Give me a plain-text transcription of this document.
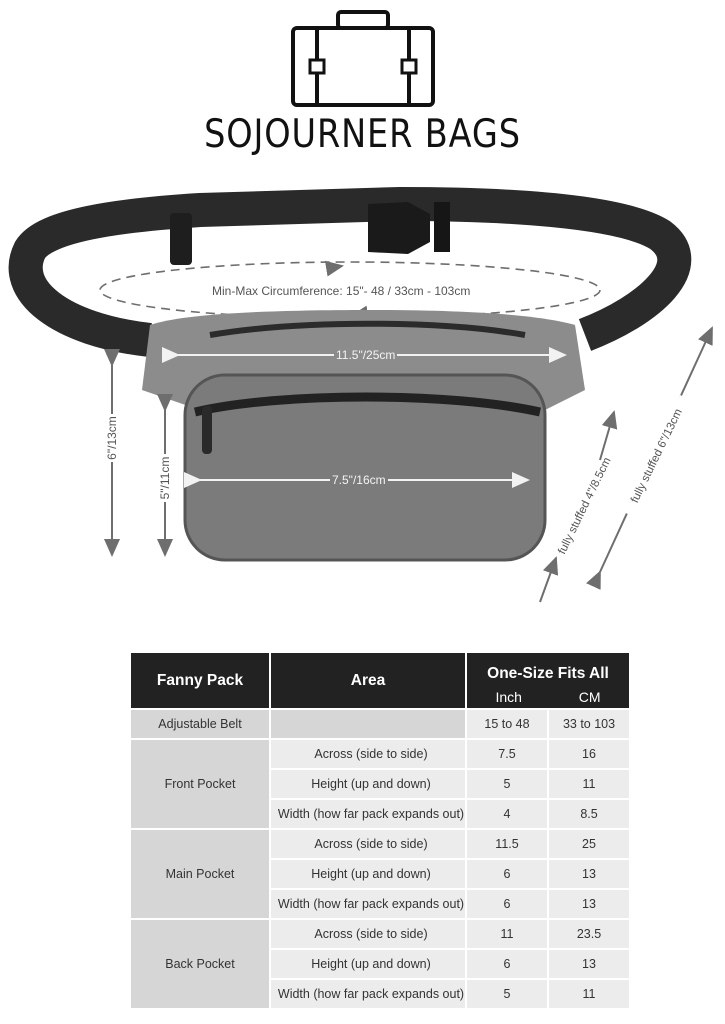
SOJOURNER BAGS
Min-Max Circumference: 15"- 48 / 33cm - 103cm
11.5"/25cm
7.5"/16cm
6"/13cm
5"/11cm	fully stuffed 4"/8.5cm	fully stuffed 6"/13cm
Fanny Pack	Area	One-Size Fits All
Inch CM	

Adjustable Belt		15 to 48	33 to 103
Front Pocket	Across (side to side)	7.5	16
	Height (up and down)	5	11
	Width (how far pack expands out)	4	8.5
Main Pocket	Across (side to side)	11.5	25
	Height (up and down)	6	13
	Width (how far pack expands out)	6	13
Back Pocket	Across (side to side)	11	23.5
	Height (up and down)	6	13
	Width (how far pack expands out)	5	11
